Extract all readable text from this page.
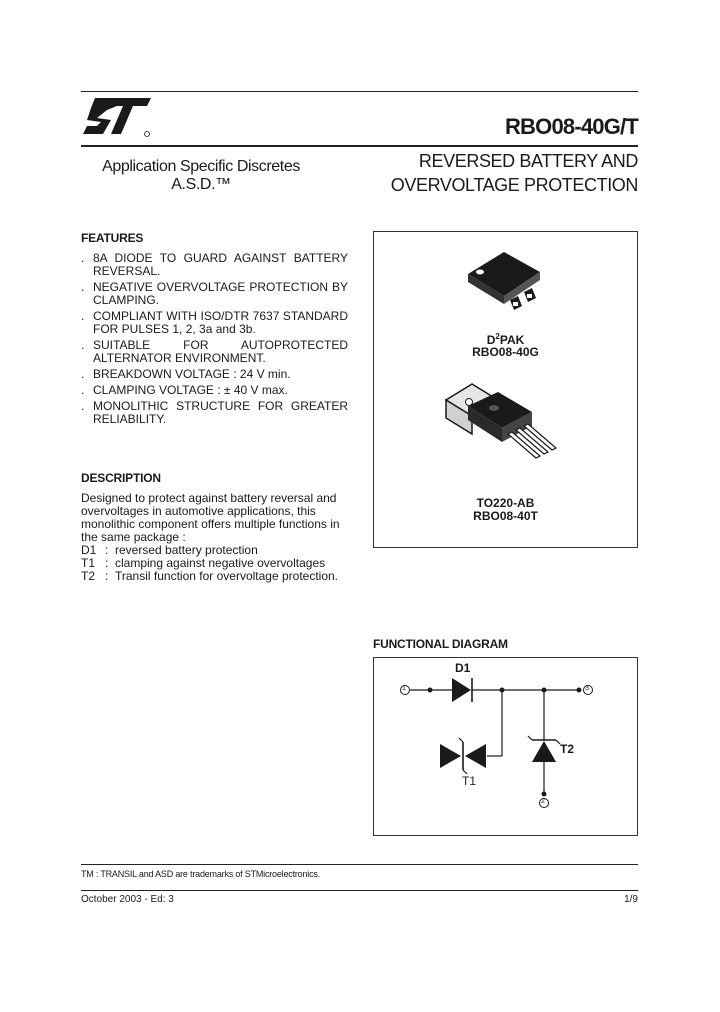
RBO08-40G/T
Application Specific Discretes
A.S.D.™
REVERSED BATTERY AND
OVERVOLTAGE PROTECTION
FEATURES
. 8A DIODE TO GUARD AGAINST BATTERY REVERSAL.
. NEGATIVE OVERVOLTAGE PROTECTION BY CLAMPING.
. COMPLIANT WITH ISO/DTR 7637 STANDARD FOR PULSES 1, 2, 3a and 3b.
. SUITABLE FOR AUTOPROTECTED ALTERNATOR ENVIRONMENT.
. BREAKDOWN VOLTAGE : 24 V min.
. CLAMPING VOLTAGE : ± 40 V max.
. MONOLITHIC STRUCTURE FOR GREATER RELIABILITY.
DESCRIPTION
Designed to protect against battery reversal and
overvoltages in automotive applications, this
monolithic component offers multiple functions in
the same package :
D1 : reversed battery protection
T1 : clamping against negative overvoltages
T2 : Transil function for overvoltage protection.
$D^2PAK$
RBO08-40G
TO220-AB
RBO08-40T
FUNCTIONAL DIAGRAM
1	3
2
D1
T1
T2
TM : TRANSIL and ASD are trademarks of STMicroelectronics.
October 2003 - Ed: 3	1/9
